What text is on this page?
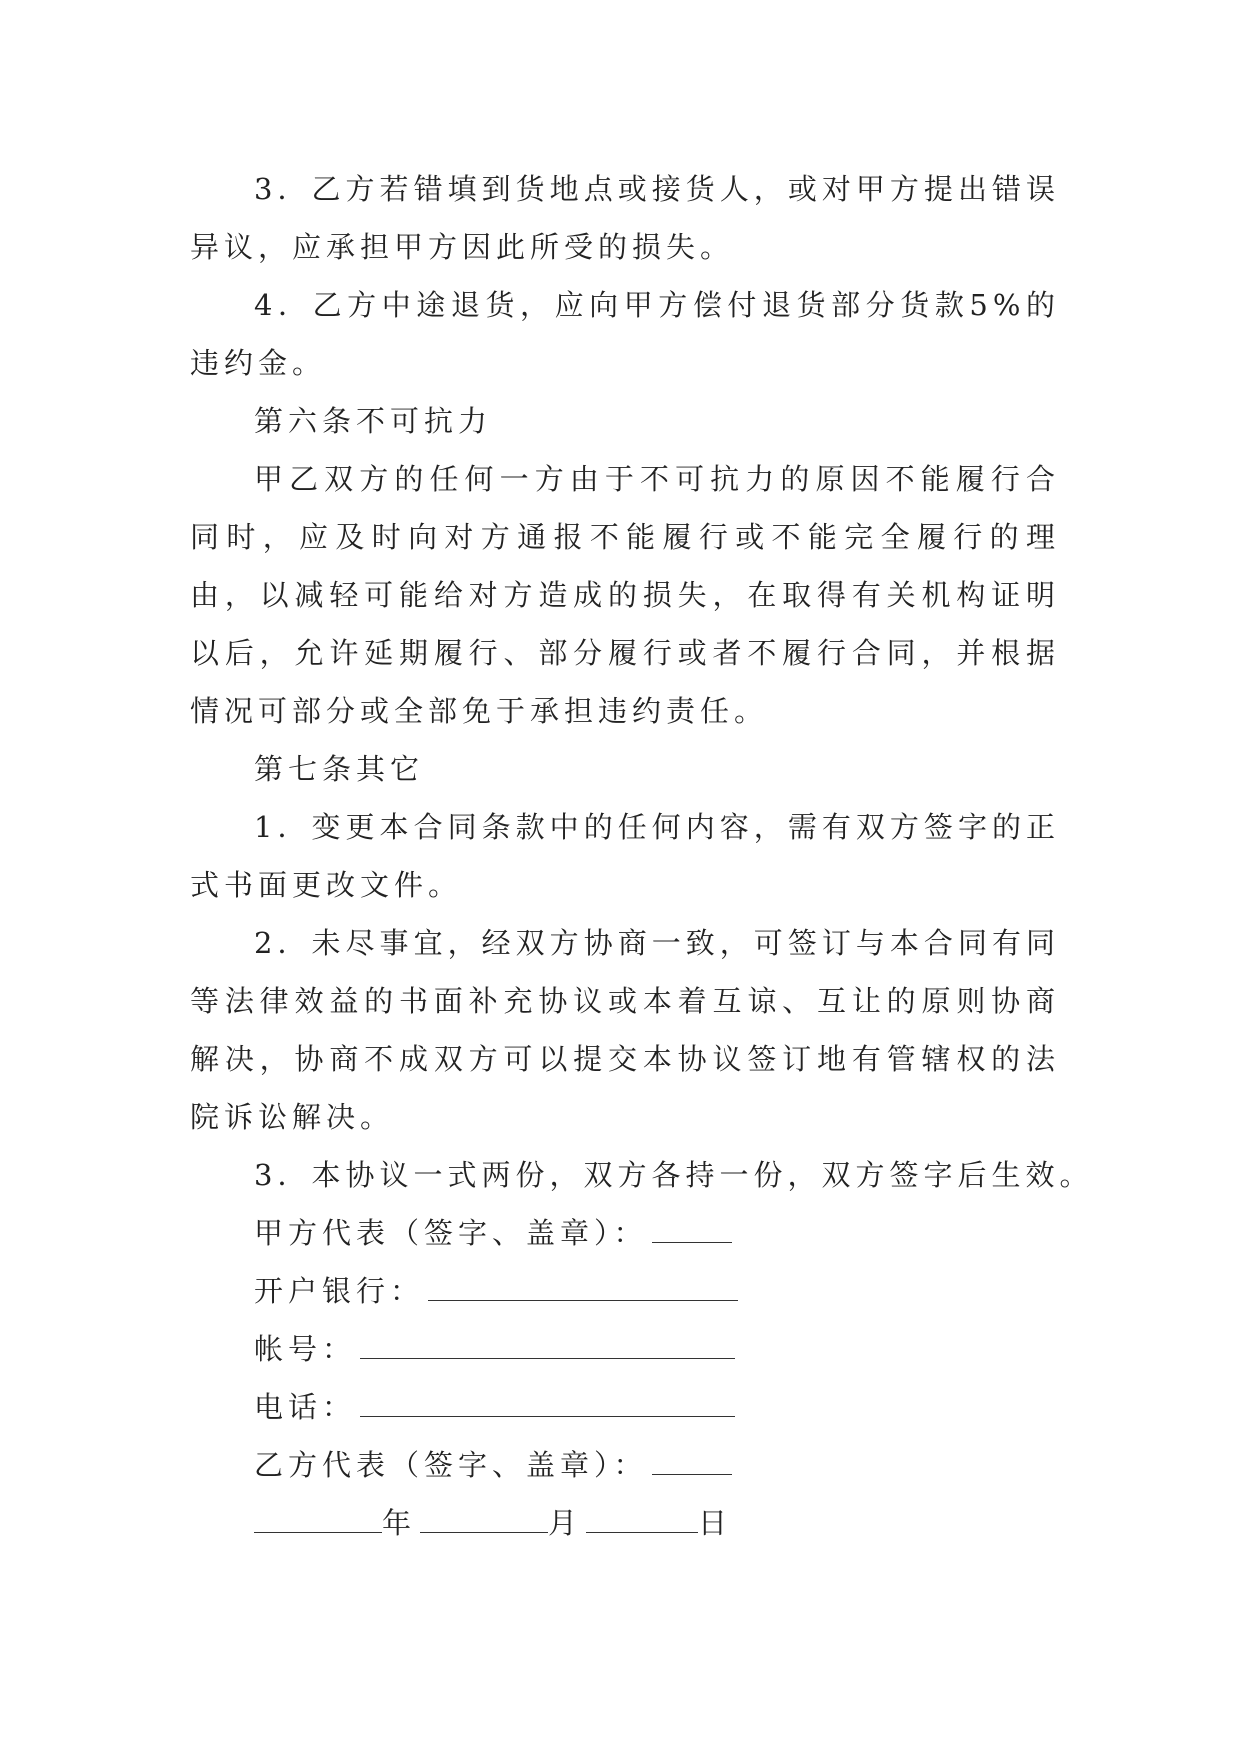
3．乙方若错填到货地点或接货人，或对甲方提出错误异议，应承担甲方因此所受的损失。

4．乙方中途退货，应向甲方偿付退货部分货款5%的违约金。

第六条不可抗力

甲乙双方的任何一方由于不可抗力的原因不能履行合同时，应及时向对方通报不能履行或不能完全履行的理由，以减轻可能给对方造成的损失，在取得有关机构证明以后，允许延期履行、部分履行或者不履行合同，并根据情况可部分或全部免于承担违约责任。

第七条其它

1．变更本合同条款中的任何内容，需有双方签字的正式书面更改文件。

2．未尽事宜，经双方协商一致，可签订与本合同有同等法律效益的书面补充协议或本着互谅、互让的原则协商解决，协商不成双方可以提交本协议签订地有管辖权的法院诉讼解决。

3．本协议一式两份，双方各持一份，双方签字后生效。

甲方代表（签字、盖章）：
开户银行：
帐号：
电话：
乙方代表（签字、盖章）：
年	月	日
